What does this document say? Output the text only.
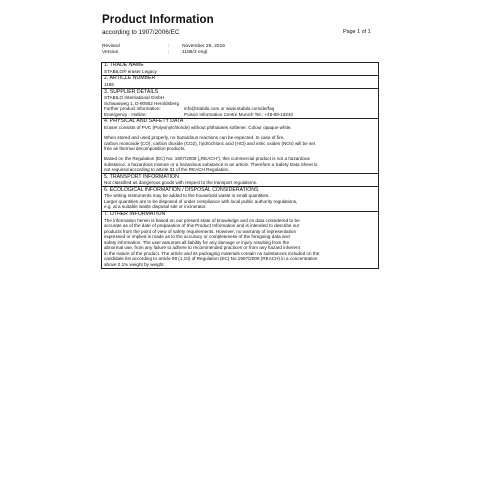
Product Information
according to 1907/2006/EC	Page 1 of 1
Revised	:	November 25, 2016
Version	:	1186/3 engl.
1. TRADE NAME
STABILO® eraser Legacy
2. ARTICLE NUMBER
1186
3. SUPPLIER DETAILS
STABILO International GmbH
Schwanweg 1, D-90562 Heroldsberg
Further product information:	info@stabilo.com or www.stabilo.com/de/faq
Emergency - Hotline:	Poison Information Centre Munich Tel.: +49-89-19240
4. PHYSICAL AND SAFETY DATA
Eraser consists of PVC (Polyvinylchloride) without phthalates softener. Colour opaque white.
When stored and used properly, no hazardous reactions can be expected. In case of fire,
carbon monoxide (CO), carbon dioxide (CO2), hydrochloric acid (HCl) and nitric oxides (NOx) will be set
free as thermal decomposition products.
Based on the Regulation (EC) No. 1907/2006 („REACH”), this commercial product is not a hazardous
substance, a hazardous mixture or a hazardous substance in an article. Therefore a Safety Data Sheet is
not required according to article 31 of the REACH Regulation.
5. TRANSPORT INFORMATION
Not classified as dangerous goods with respect to the transport regulations.
6. ECOLOGICAL INFORMATION / DISPOSAL CONSIDERATIONS
The writing instruments may be added to the household waste in small quantities.
Larger quantities are to be disposed of under compliance with local public authority regulations,
e.g. at a suitable waste disposal site or incinerator.
7. OTHER INFORMATION
The information herein is based on our present state of knowledge and on data considered to be
accurate as of the date of preparation of this Product Information and is intended to describe our
products from the point of view of safety requirements. However, no warranty of representation
expressed or implied is made as to the accuracy or completeness of the foregoing data and
safety information. The user assumes all liability for any damage or injury resulting from the
abnormal use, from any failure to adhere to recommended practices or from any hazard inherent
in the nature of the product. The article and its packaging materials contain no substances included on the
candidate list according to article 59 (1,10) of Regulation (EC) No.1907/2006 (REACH) in a concentration
above 0,1% weight by weight.
